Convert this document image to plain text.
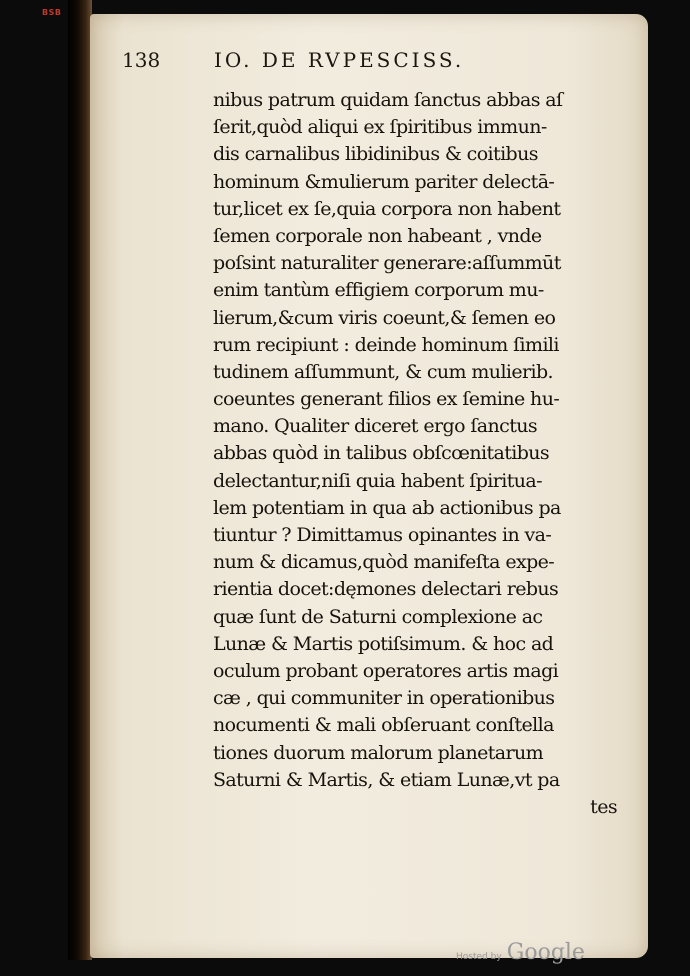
BSB
138	IO. DE RVPESCISS.
nibus patrum quidam ſanctus abbas aſ
ſerit,quòd aliqui ex ſpiritibus immun-
dis carnalibus libidinibus & coitibus
hominum &mulierum pariter delectā-
tur,licet ex ſe,quia corpora non habent
ſemen corporale non habeant , vnde
poſsint naturaliter generare:aſſummūt
enim tantùm effigiem corporum mu-
lierum,&cum viris coeunt,& ſemen eo
rum recipiunt : deinde hominum ſimili
tudinem aſſummunt, & cum mulierib.
coeuntes generant filios ex ſemine hu-
mano. Qualiter diceret ergo ſanctus
abbas quòd in talibus obſcœnitatibus
delectantur,niſi quia habent ſpiritua-
lem potentiam in qua ab actionibus pa
tiuntur ? Dimittamus opinantes in va-
num & dicamus,quòd manifeſta expe-
rientia docet:dęmones delectari rebus
quæ ſunt de Saturni complexione ac
Lunæ & Martis potiſsimum. & hoc ad
oculum probant operatores artis magi
cæ , qui communiter in operationibus
nocumenti & mali obſeruant conſtella
tiones duorum malorum planetarum
Saturni & Martis, & etiam Lunæ,vt pa
tes
Hosted by Google
